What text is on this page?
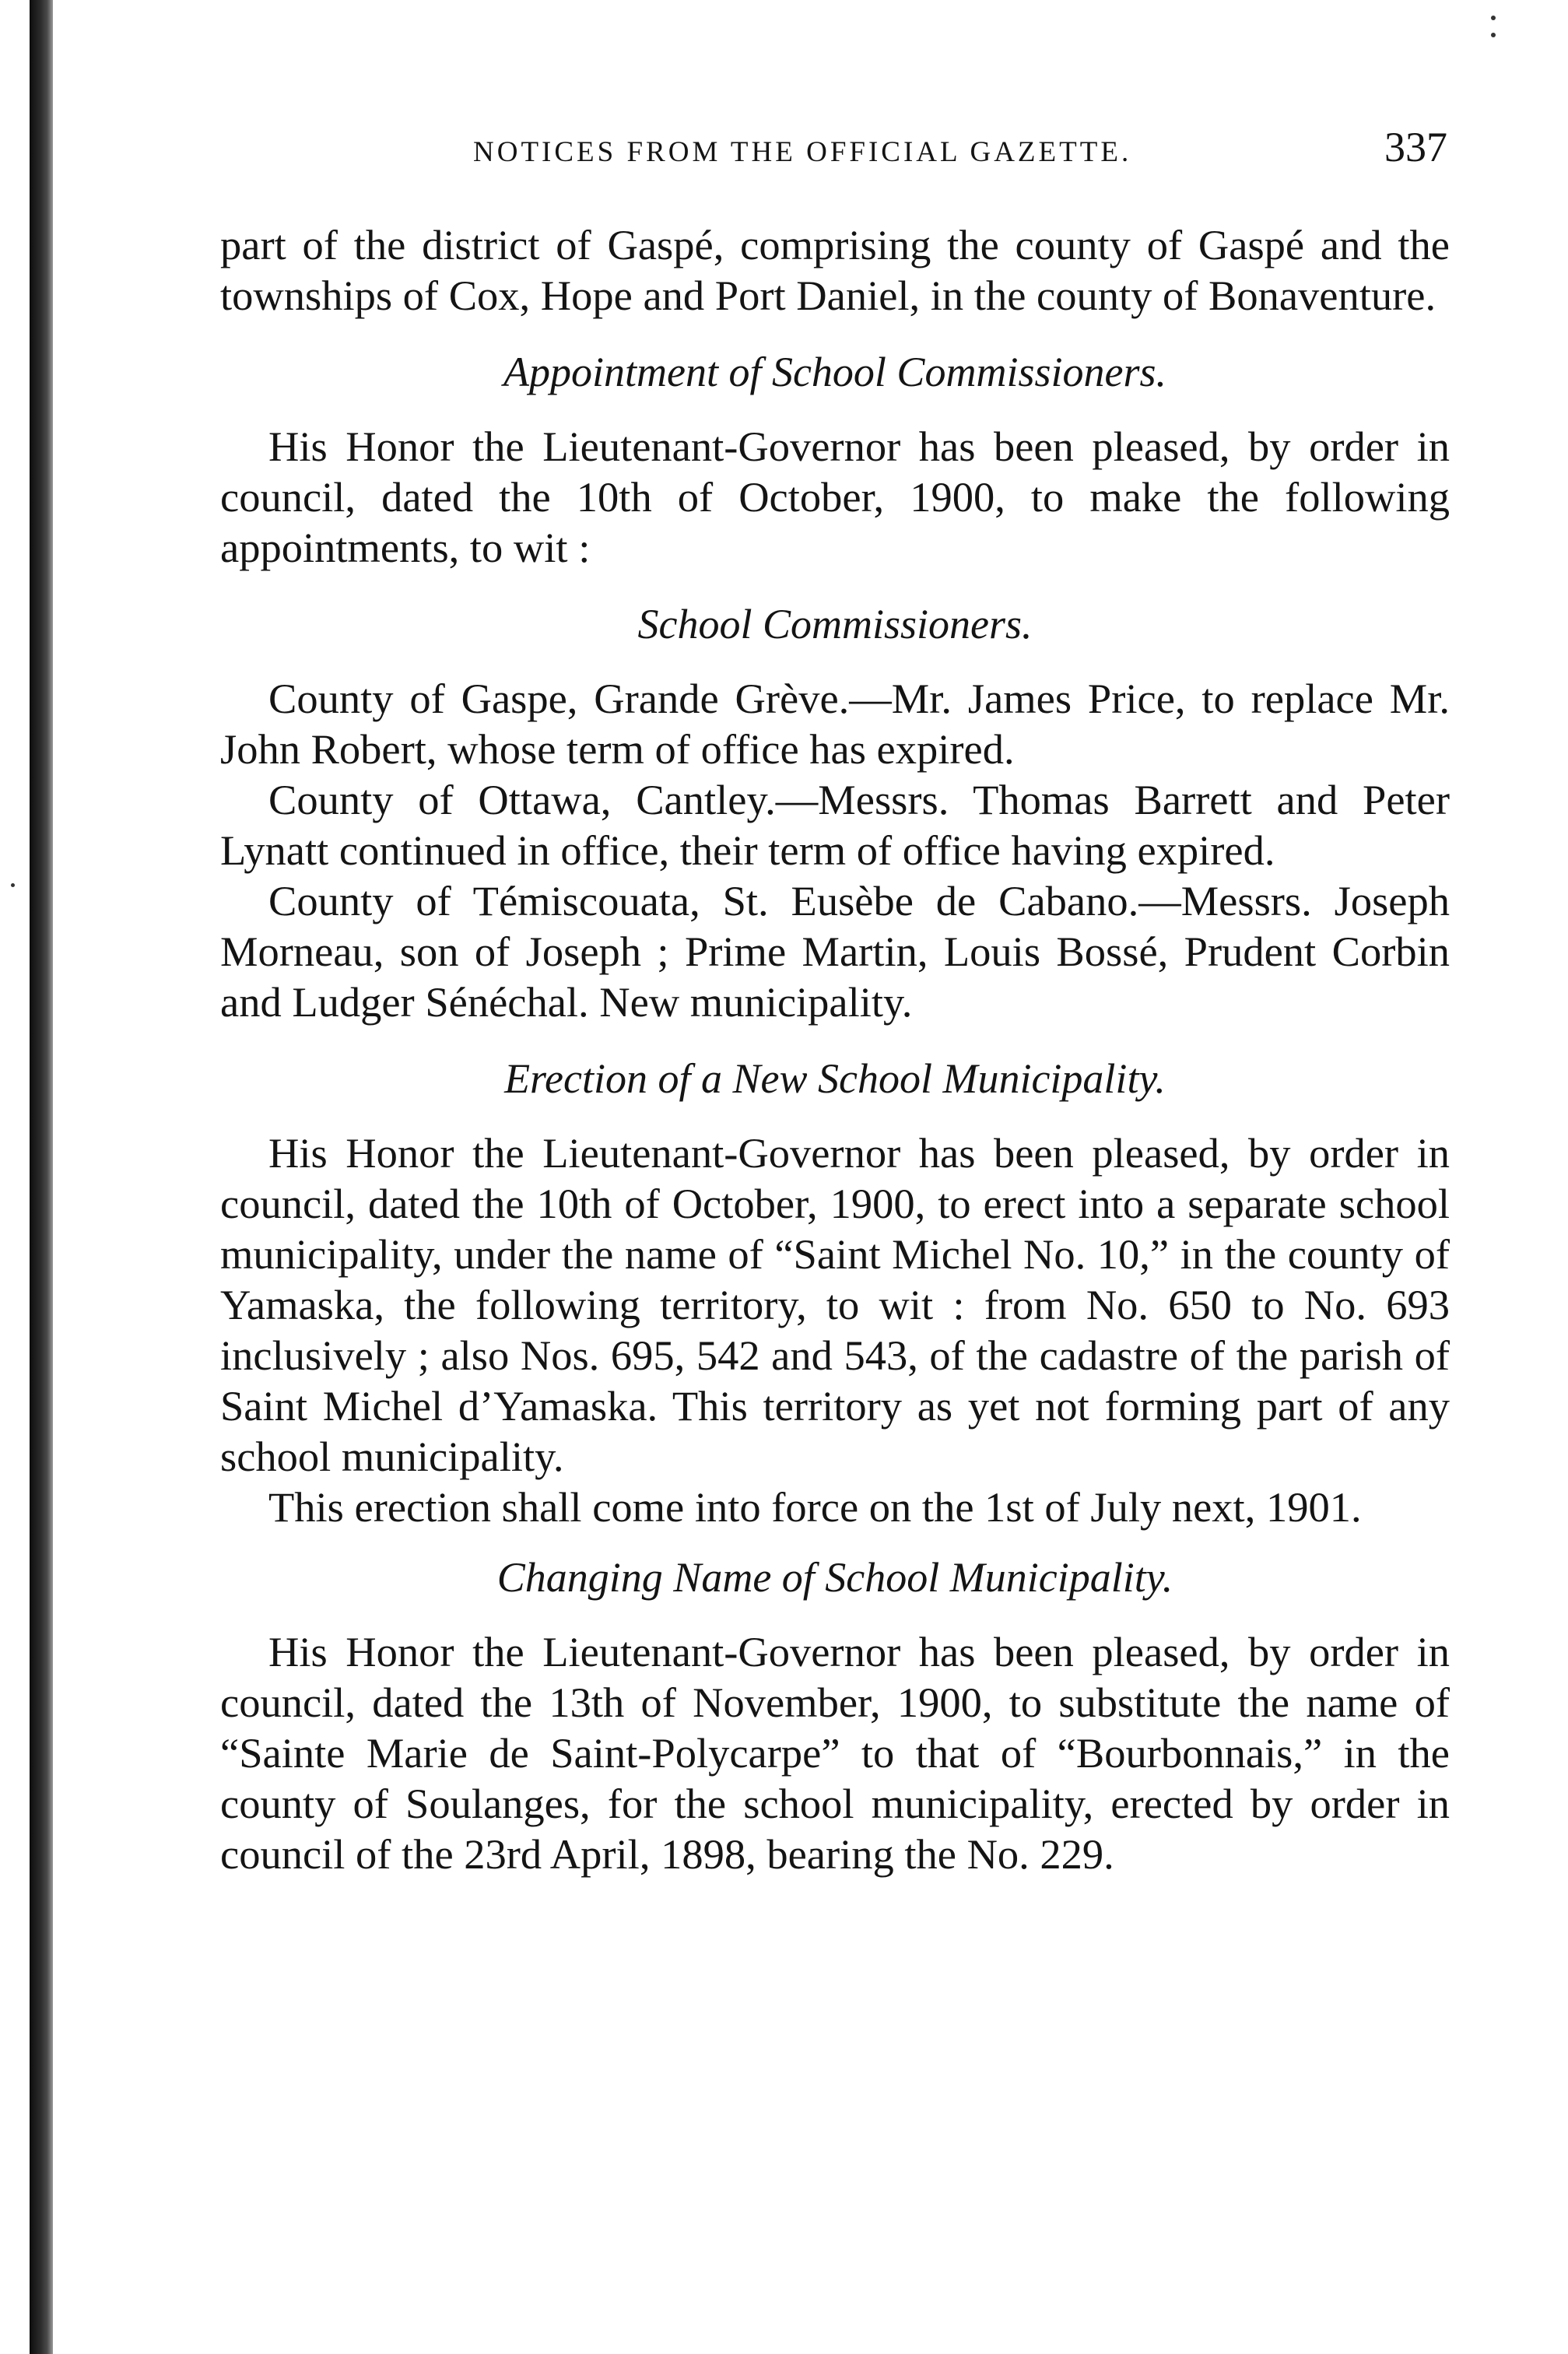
NOTICES FROM THE OFFICIAL GAZETTE.	337

part of the district of Gaspé, comprising the county of Gaspé and the townships of Cox, Hope and Port Daniel, in the county of Bonaventure.

Appointment of School Commissioners.

His Honor the Lieutenant-Governor has been pleased, by order in council, dated the 10th of October, 1900, to make the following appointments, to wit :

School Commissioners.

County of Gaspe, Grande Grève.—Mr. James Price, to replace Mr. John Robert, whose term of office has expired.

County of Ottawa, Cantley.—Messrs. Thomas Barrett and Peter Lynatt continued in office, their term of office having expired.

County of Témiscouata, St. Eusèbe de Cabano.—Messrs. Joseph Morneau, son of Joseph ; Prime Martin, Louis Bossé, Prudent Corbin and Ludger Sénéchal. New municipality.

Erection of a New School Municipality.

His Honor the Lieutenant-Governor has been pleased, by order in council, dated the 10th of October, 1900, to erect into a separate school municipality, under the name of “Saint Michel No. 10,” in the county of Yamaska, the following territory, to wit : from No. 650 to No. 693 inclusively ; also Nos. 695, 542 and 543, of the cadastre of the parish of Saint Michel d’Yamaska. This territory as yet not forming part of any school municipality.

This erection shall come into force on the 1st of July next, 1901.

Changing Name of School Municipality.

His Honor the Lieutenant-Governor has been pleased, by order in council, dated the 13th of November, 1900, to substitute the name of “Sainte Marie de Saint-Polycarpe” to that of “Bourbonnais,” in the county of Soulanges, for the school municipality, erected by order in council of the 23rd April, 1898, bearing the No. 229.
